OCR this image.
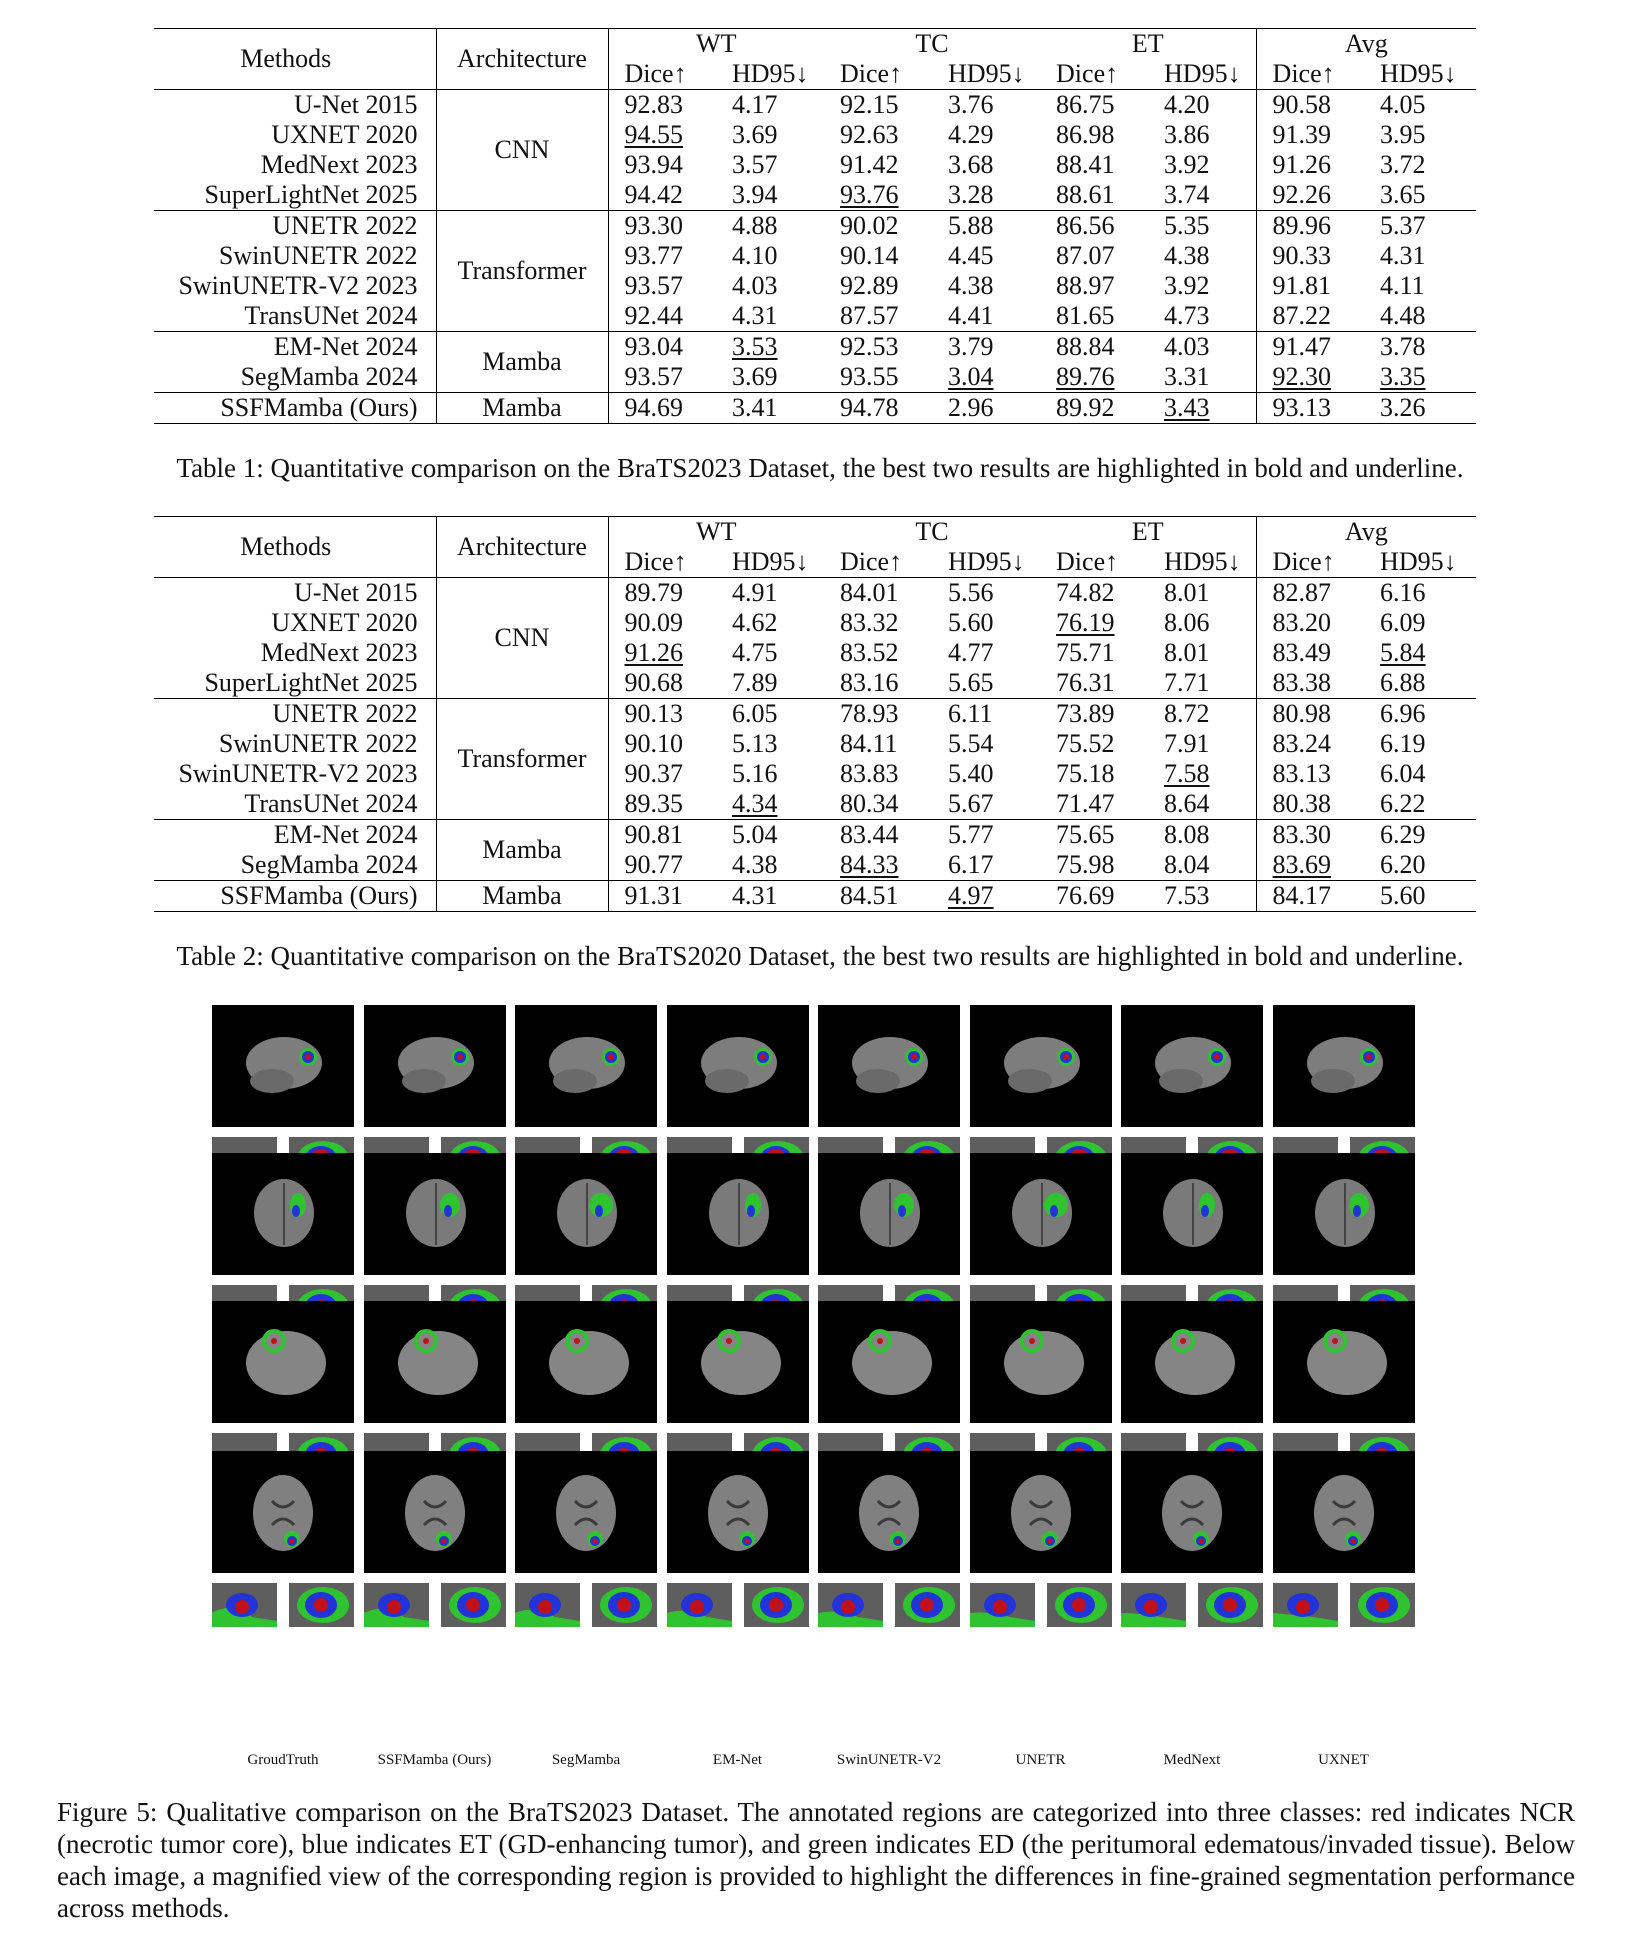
Methods	Architecture	WT		TC		ET		Avg	
		Dice↑	HD95↓	Dice↑	HD95↓	Dice↑	HD95↓	Dice↑	HD95↓
U-Net 2015	CNN	92.83	4.17	92.15	3.76	86.75	4.20	90.58	4.05
UXNET 2020		94.55	3.69	92.63	4.29	86.98	3.86	91.39	3.95
MedNext 2023		93.94	3.57	91.42	3.68	88.41	3.92	91.26	3.72
SuperLightNet 2025		94.42	3.94	93.76	3.28	88.61	3.74	92.26	3.65
UNETR 2022	Transformer	93.30	4.88	90.02	5.88	86.56	5.35	89.96	5.37
SwinUNETR 2022		93.77	4.10	90.14	4.45	87.07	4.38	90.33	4.31
SwinUNETR-V2 2023		93.57	4.03	92.89	4.38	88.97	3.92	91.81	4.11
TransUNet 2024		92.44	4.31	87.57	4.41	81.65	4.73	87.22	4.48
EM-Net 2024	Mamba	93.04	3.53	92.53	3.79	88.84	4.03	91.47	3.78
SegMamba 2024		93.57	3.69	93.55	3.04	89.76	3.31	92.30	3.35
SSFMamba (Ours)	Mamba	94.69	3.41	94.78	2.96	89.92	3.43	93.13	3.26
Table 1: Quantitative comparison on the BraTS2023 Dataset, the best two results are highlighted in bold and underline.
Methods	Architecture	WT		TC		ET		Avg	
		Dice↑	HD95↓	Dice↑	HD95↓	Dice↑	HD95↓	Dice↑	HD95↓
U-Net 2015	CNN	89.79	4.91	84.01	5.56	74.82	8.01	82.87	6.16
UXNET 2020		90.09	4.62	83.32	5.60	76.19	8.06	83.20	6.09
MedNext 2023		91.26	4.75	83.52	4.77	75.71	8.01	83.49	5.84
SuperLightNet 2025		90.68	7.89	83.16	5.65	76.31	7.71	83.38	6.88
UNETR 2022	Transformer	90.13	6.05	78.93	6.11	73.89	8.72	80.98	6.96
SwinUNETR 2022		90.10	5.13	84.11	5.54	75.52	7.91	83.24	6.19
SwinUNETR-V2 2023		90.37	5.16	83.83	5.40	75.18	7.58	83.13	6.04
TransUNet 2024		89.35	4.34	80.34	5.67	71.47	8.64	80.38	6.22
EM-Net 2024	Mamba	90.81	5.04	83.44	5.77	75.65	8.08	83.30	6.29
SegMamba 2024		90.77	4.38	84.33	6.17	75.98	8.04	83.69	6.20
SSFMamba (Ours)	Mamba	91.31	4.31	84.51	4.97	76.69	7.53	84.17	5.60
Table 2: Quantitative comparison on the BraTS2020 Dataset, the best two results are highlighted in bold and underline.
GroudTruth	SSFMamba (Ours)	SegMamba	EM-Net	SwinUNETR-V2	UNETR	MedNext	UXNET
Figure 5: Qualitative comparison on the BraTS2023 Dataset. The annotated regions are categorized into three classes: red indicates NCR (necrotic tumor core), blue indicates ET (GD-enhancing tumor), and green indicates ED (the peritumoral edematous/invaded tissue). Below each image, a magnified view of the corresponding region is provided to highlight the differences in fine-grained segmentation performance across methods.
